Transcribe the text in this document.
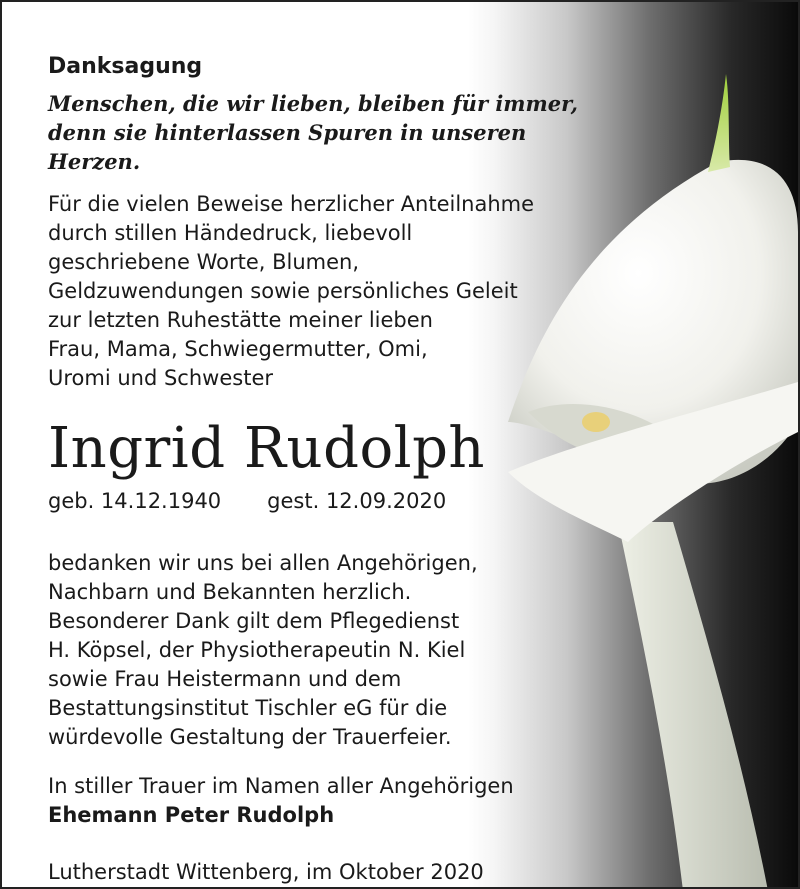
Danksagung

Menschen, die wir lieben, bleiben für immer,
denn sie hinterlassen Spuren in unseren Herzen.

Für die vielen Beweise herzlicher Anteilnahme
durch stillen Händedruck, liebevoll
geschriebene Worte, Blumen,
Geldzuwendungen sowie persönliches Geleit
zur letzten Ruhestätte meiner lieben
Frau, Mama, Schwiegermutter, Omi,
Uromi und Schwester

Ingrid Rudolph

geb. 14.12.1940 gest. 12.09.2020

bedanken wir uns bei allen Angehörigen,
Nachbarn und Bekannten herzlich.
Besonderer Dank gilt dem Pflegedienst
H. Köpsel, der Physiotherapeutin N. Kiel
sowie Frau Heistermann und dem
Bestattungsinstitut Tischler eG für die
würdevolle Gestaltung der Trauerfeier.

In stiller Trauer im Namen aller Angehörigen
Ehemann Peter Rudolph

Lutherstadt Wittenberg, im Oktober 2020
